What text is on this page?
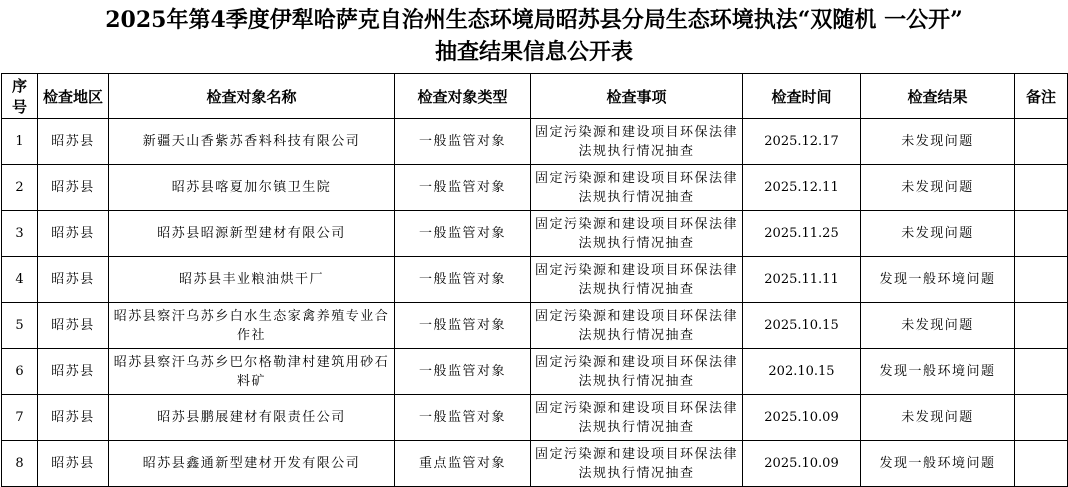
2025年第4季度伊犁哈萨克自治州生态环境局昭苏县分局生态环境执法“双随机 一公开”
抽查结果信息公开表
序号	检查地区	检查对象名称	检查对象类型	检查事项	检查时间	检查结果	备注
1	昭苏县	新疆天山香紫苏香料科技有限公司	一般监管对象	固定污染源和建设项目环保法律法规执行情况抽查	2025.12.17	未发现问题	
2	昭苏县	昭苏县喀夏加尔镇卫生院	一般监管对象	固定污染源和建设项目环保法律法规执行情况抽查	2025.12.11	未发现问题	
3	昭苏县	昭苏县昭源新型建材有限公司	一般监管对象	固定污染源和建设项目环保法律法规执行情况抽查	2025.11.25	未发现问题	
4	昭苏县	昭苏县丰业粮油烘干厂	一般监管对象	固定污染源和建设项目环保法律法规执行情况抽查	2025.11.11	发现一般环境问题	
5	昭苏县	昭苏县察汗乌苏乡白水生态家禽养殖专业合作社	一般监管对象	固定污染源和建设项目环保法律法规执行情况抽查	2025.10.15	未发现问题	
6	昭苏县	昭苏县察汗乌苏乡巴尔格勒津村建筑用砂石料矿	一般监管对象	固定污染源和建设项目环保法律法规执行情况抽查	202.10.15	发现一般环境问题	
7	昭苏县	昭苏县鹏展建材有限责任公司	一般监管对象	固定污染源和建设项目环保法律法规执行情况抽查	2025.10.09	未发现问题	
8	昭苏县	昭苏县鑫通新型建材开发有限公司	重点监管对象	固定污染源和建设项目环保法律法规执行情况抽查	2025.10.09	发现一般环境问题	
